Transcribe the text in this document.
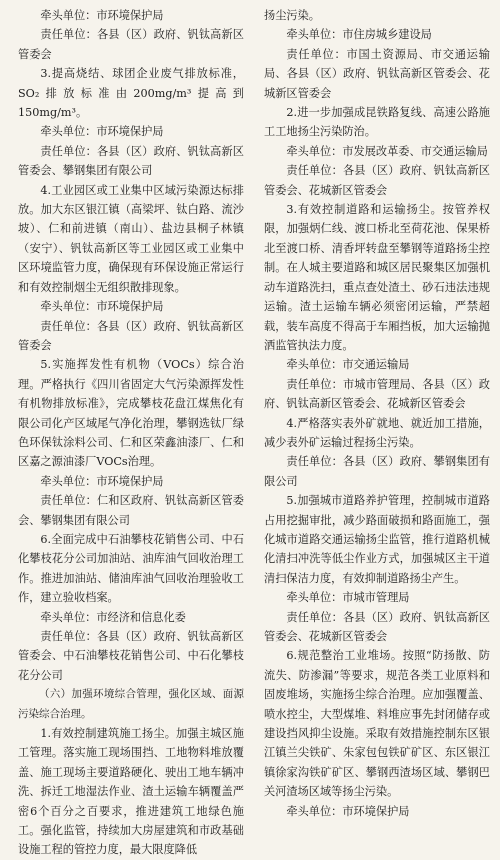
牵头单位：市环境保护局

责任单位：各县（区）政府、钒钛高新区管委会

3.提高烧结、球团企业废气排放标准，SO₂排放标准由200mg/m³提高到150mg/m³。

牵头单位：市环境保护局

责任单位：各县（区）政府、钒钛高新区管委会、攀钢集团有限公司

4.工业园区或工业集中区域污染源达标排放。加大东区银江镇（高梁坪、钛白路、流沙坡）、仁和前进镇（南山）、盐边县桐子林镇（安宁）、钒钛高新区等工业园区或工业集中区环境监管力度，确保现有环保设施正常运行和有效控制烟尘无组织散排现象。

牵头单位：市环境保护局

责任单位：各县（区）政府、钒钛高新区管委会

5.实施挥发性有机物（VOCs）综合治理。严格执行《四川省固定大气污染源挥发性有机物排放标准》，完成攀枝花盘江煤焦化有限公司化产区域尾气净化治理，攀钢选钛厂绿色环保钛涂料公司、仁和区荣鑫油漆厂、仁和区嘉之源油漆厂VOCs治理。

牵头单位：市环境保护局

责任单位：仁和区政府、钒钛高新区管委会、攀钢集团有限公司

6.全面完成中石油攀枝花销售公司、中石化攀枝花分公司加油站、油库油气回收治理工作。推进加油站、储油库油气回收治理验收工作，建立验收档案。

牵头单位：市经济和信息化委

责任单位：各县（区）政府、钒钛高新区管委会、中石油攀枝花销售公司、中石化攀枝花分公司

（六）加强环境综合管理，强化区域、面源污染综合治理。

1.有效控制建筑施工扬尘。加强主城区施工管理。落实施工现场围挡、工地物料堆放覆盖、施工现场主要道路硬化、驶出工地车辆冲洗、拆迁工地湿法作业、渣土运输车辆覆盖严密6个百分之百要求，推进建筑工地绿色施工。强化监管，持续加大房屋建筑和市政基础设施工程的管控力度，最大限度降低

扬尘污染。

牵头单位：市住房城乡建设局

责任单位：市国土资源局、市交通运输局、各县（区）政府、钒钛高新区管委会、花城新区管委会

2.进一步加强成昆铁路复线、高速公路施工工地扬尘污染防治。

牵头单位：市发展改革委、市交通运输局

责任单位：各县（区）政府、钒钛高新区管委会、花城新区管委会

3.有效控制道路和运输扬尘。按管养权限，加强炳仁线、渡口桥北至荷花池、保果桥北至渡口桥、清香坪转盘至攀钢等道路扬尘控制。在人城主要道路和城区居民聚集区加强机动车道路洗扫，重点查处渣土、砂石违法违规运输。渣土运输车辆必须密闭运输，严禁超载，装车高度不得高于车厢挡板，加大运输抛洒监管执法力度。

牵头单位：市交通运输局

责任单位：市城市管理局、各县（区）政府、钒钛高新区管委会、花城新区管委会

4.严格落实表外矿就地、就近加工措施，减少表外矿运输过程扬尘污染。

责任单位：各县（区）政府、攀钢集团有限公司

5.加强城市道路养护管理，控制城市道路占用挖掘审批，减少路面破损和路面施工，强化城市道路交通运输扬尘监管，推行道路机械化清扫冲洗等低尘作业方式，加强城区主干道清扫保洁力度，有效抑制道路扬尘产生。

牵头单位：市城市管理局

责任单位：各县（区）政府、钒钛高新区管委会、花城新区管委会

6.规范整治工业堆场。按照“防扬散、防流失、防渗漏”等要求，规范各类工业原料和固废堆场，实施扬尘综合治理。应加强覆盖、喷水控尘，大型煤堆、料堆应事先封闭储存或建设挡风抑尘设施。采取有效措施控制东区银江镇兰尖铁矿、朱家包包铁矿矿区、东区银江镇徐家沟铁矿矿区、攀钢西渣场区域、攀钢巴关河渣场区域等扬尘污染。

牵头单位：市环境保护局
